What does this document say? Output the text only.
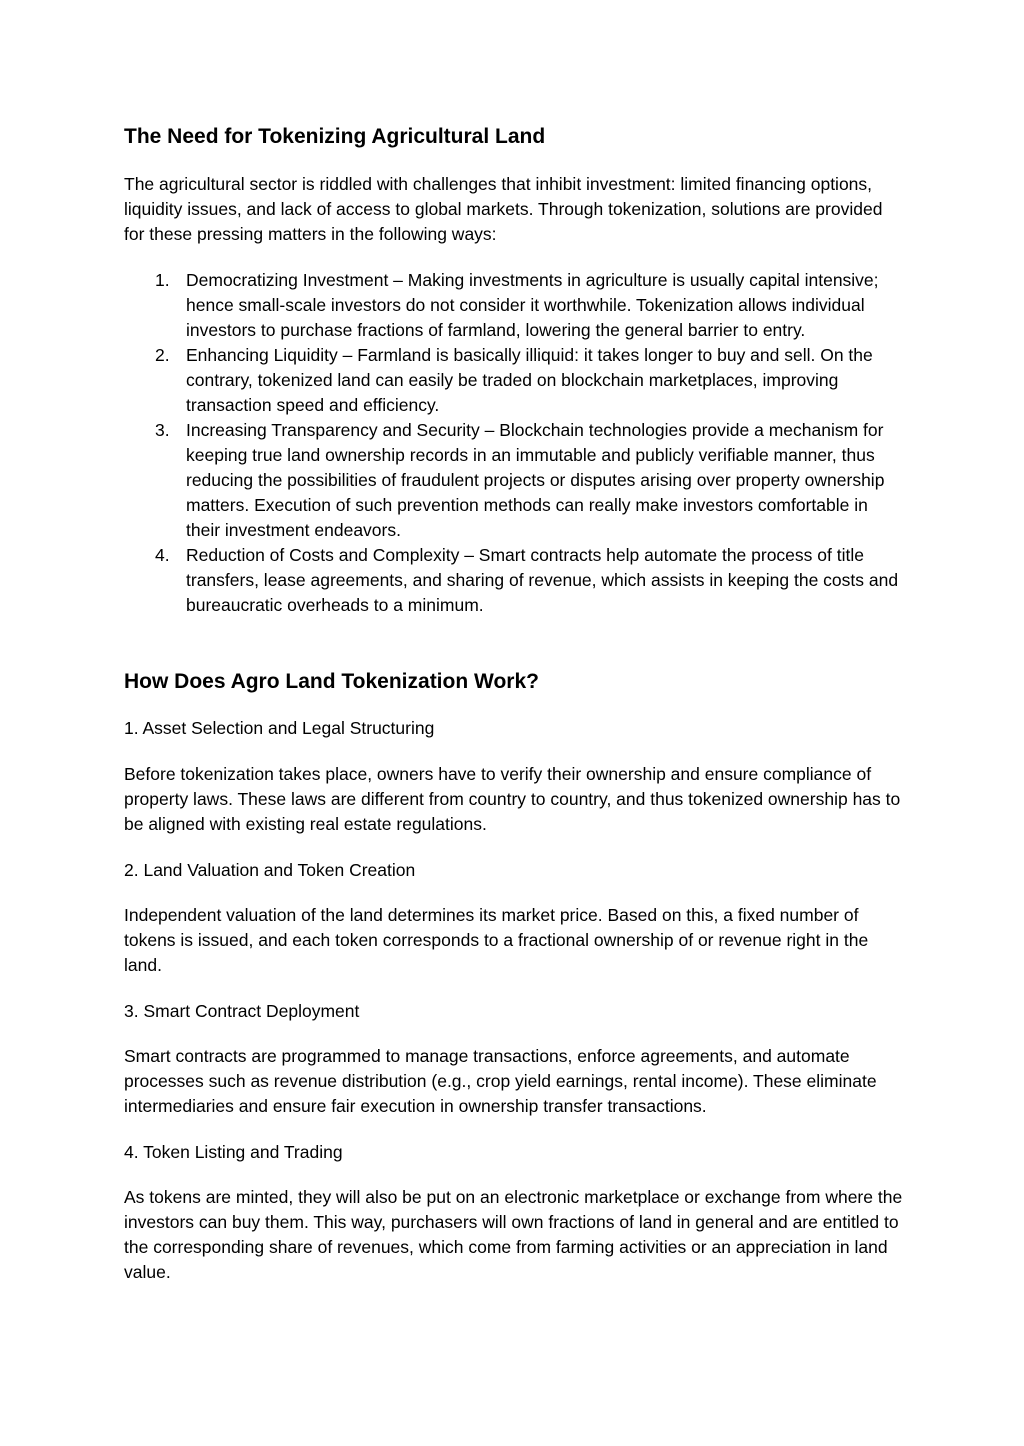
The Need for Tokenizing Agricultural Land

The agricultural sector is riddled with challenges that inhibit investment: limited financing options, liquidity issues, and lack of access to global markets. Through tokenization, solutions are provided for these pressing matters in the following ways:

1. Democratizing Investment – Making investments in agriculture is usually capital intensive; hence small-scale investors do not consider it worthwhile. Tokenization allows individual investors to purchase fractions of farmland, lowering the general barrier to entry.
2. Enhancing Liquidity – Farmland is basically illiquid: it takes longer to buy and sell. On the contrary, tokenized land can easily be traded on blockchain marketplaces, improving transaction speed and efficiency.
3. Increasing Transparency and Security – Blockchain technologies provide a mechanism for keeping true land ownership records in an immutable and publicly verifiable manner, thus reducing the possibilities of fraudulent projects or disputes arising over property ownership matters. Execution of such prevention methods can really make investors comfortable in their investment endeavors.
4. Reduction of Costs and Complexity – Smart contracts help automate the process of title transfers, lease agreements, and sharing of revenue, which assists in keeping the costs and bureaucratic overheads to a minimum.
How Does Agro Land Tokenization Work?

1. Asset Selection and Legal Structuring

Before tokenization takes place, owners have to verify their ownership and ensure compliance of property laws. These laws are different from country to country, and thus tokenized ownership has to be aligned with existing real estate regulations.

2. Land Valuation and Token Creation

Independent valuation of the land determines its market price. Based on this, a fixed number of tokens is issued, and each token corresponds to a fractional ownership of or revenue right in the land.

3. Smart Contract Deployment

Smart contracts are programmed to manage transactions, enforce agreements, and automate processes such as revenue distribution (e.g., crop yield earnings, rental income). These eliminate intermediaries and ensure fair execution in ownership transfer transactions.

4. Token Listing and Trading

As tokens are minted, they will also be put on an electronic marketplace or exchange from where the investors can buy them. This way, purchasers will own fractions of land in general and are entitled to the corresponding share of revenues, which come from farming activities or an appreciation in land value.
